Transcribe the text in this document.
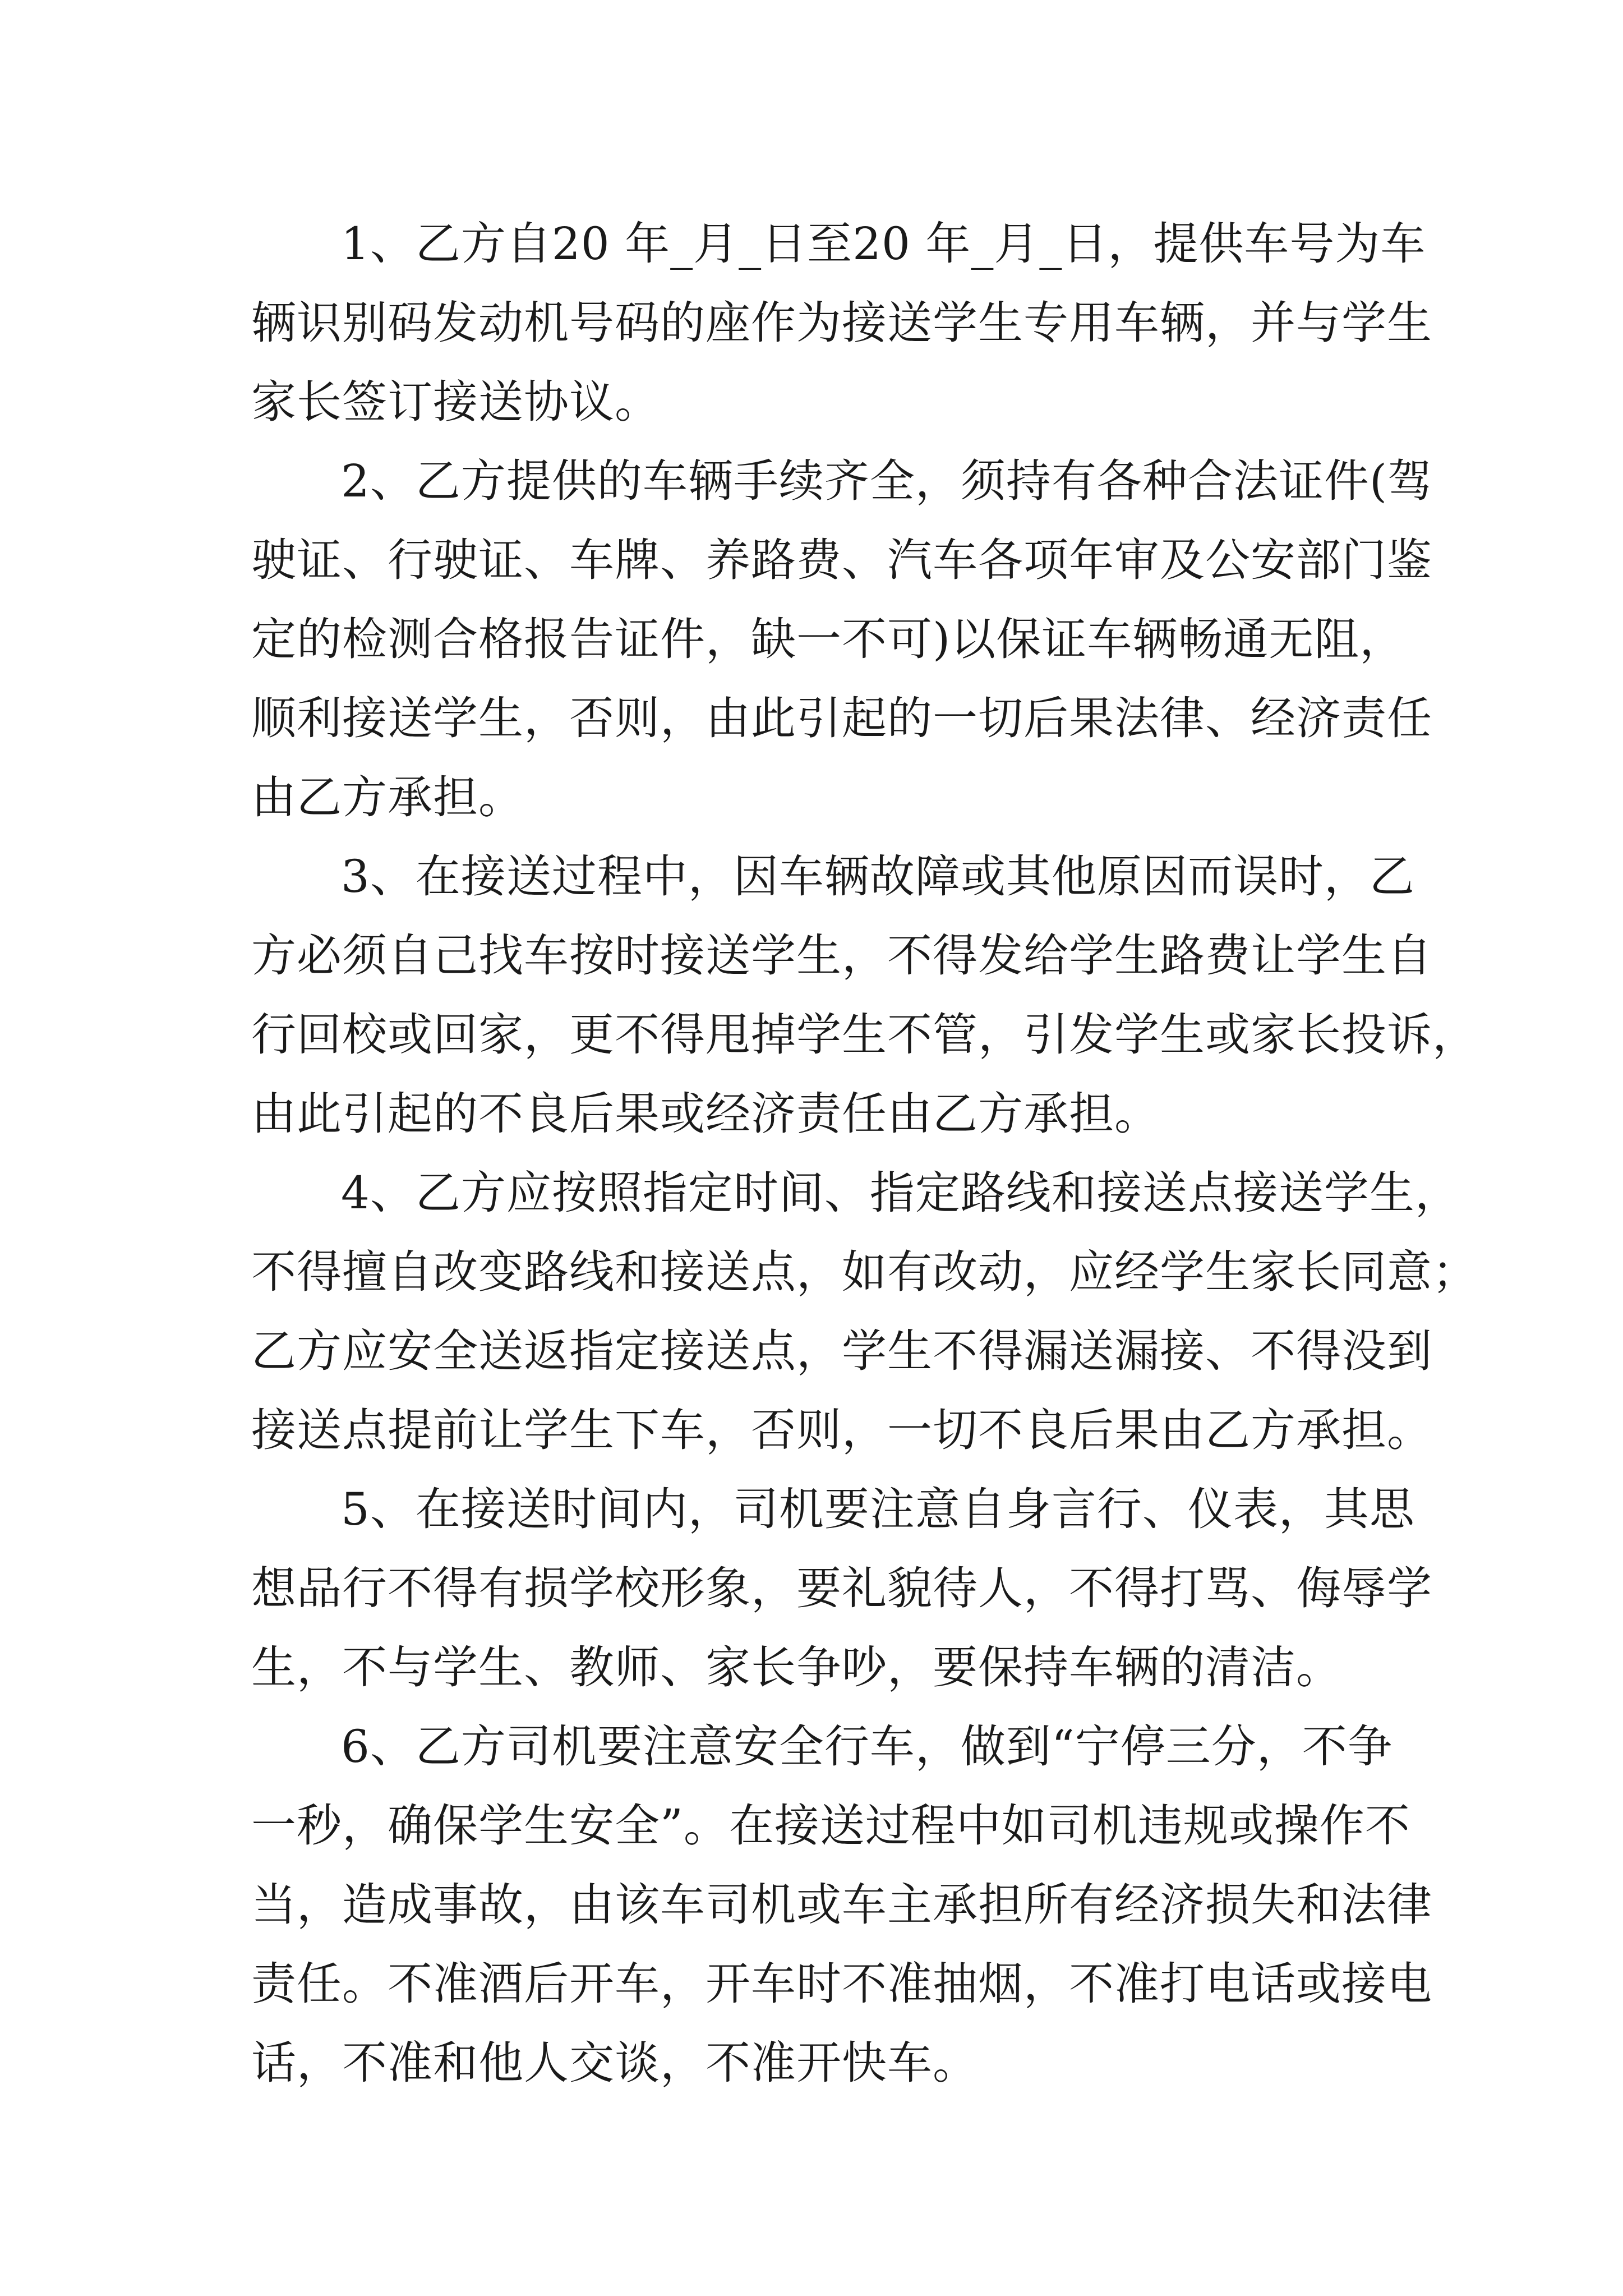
1、乙方自20 年_月_日至20 年_月_日，提供车号为车

辆识别码发动机号码的座作为接送学生专用车辆，并与学生

家长签订接送协议。

2、乙方提供的车辆手续齐全，须持有各种合法证件(驾

驶证、行驶证、车牌、养路费、汽车各项年审及公安部门鉴

定的检测合格报告证件，缺一不可)以保证车辆畅通无阻，

顺利接送学生，否则，由此引起的一切后果法律、经济责任

由乙方承担。

3、在接送过程中，因车辆故障或其他原因而误时，乙

方必须自己找车按时接送学生，不得发给学生路费让学生自

行回校或回家，更不得甩掉学生不管，引发学生或家长投诉，

由此引起的不良后果或经济责任由乙方承担。

4、乙方应按照指定时间、指定路线和接送点接送学生，

不得擅自改变路线和接送点，如有改动，应经学生家长同意；

乙方应安全送返指定接送点，学生不得漏送漏接、不得没到

接送点提前让学生下车，否则，一切不良后果由乙方承担。

5、在接送时间内，司机要注意自身言行、仪表，其思

想品行不得有损学校形象，要礼貌待人，不得打骂、侮辱学

生，不与学生、教师、家长争吵，要保持车辆的清洁。

6、乙方司机要注意安全行车，做到“宁停三分，不争

一秒，确保学生安全”。在接送过程中如司机违规或操作不

当，造成事故，由该车司机或车主承担所有经济损失和法律

责任。不准酒后开车，开车时不准抽烟，不准打电话或接电

话，不准和他人交谈，不准开快车。
